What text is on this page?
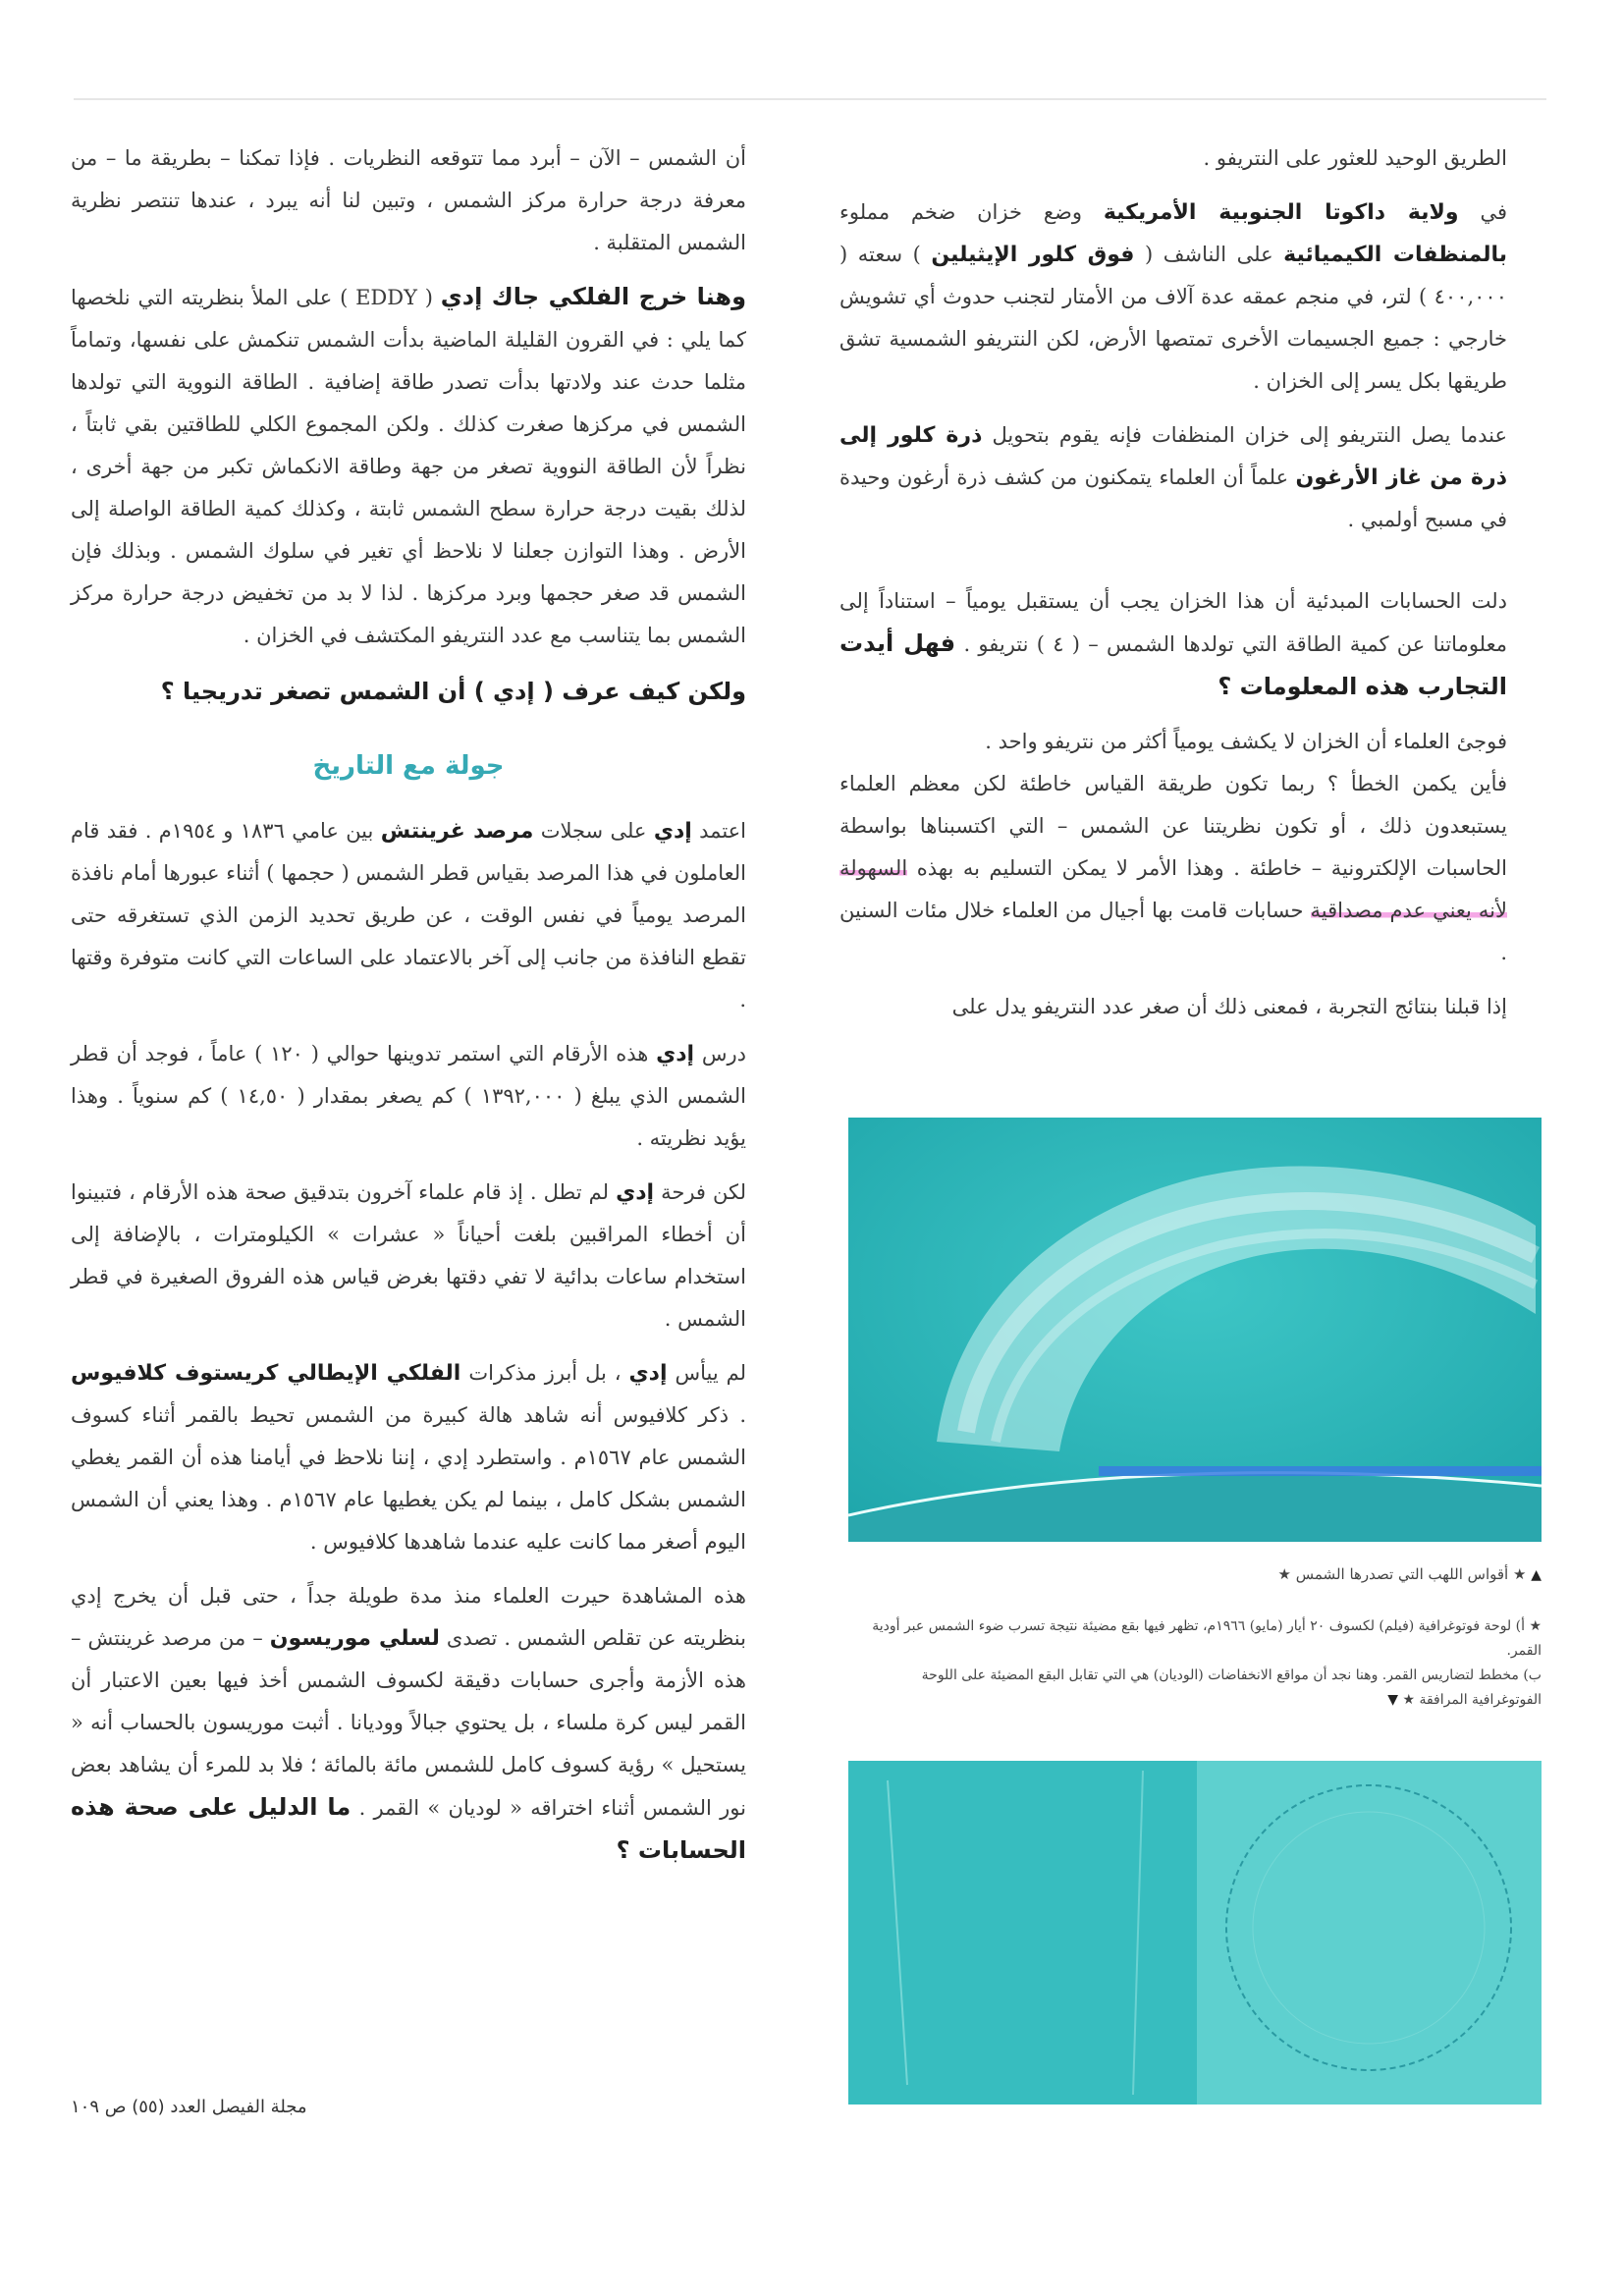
الطريق الوحيد للعثور على النتريفو .

في ولاية داكوتا الجنوبية الأمريكية وضع خزان ضخم مملوء بالمنظفات الكيميائية على الناشف ( فوق كلور الإيثيلين ) سعته ( ٤٠٠,٠٠٠ ) لتر، في منجم عمقه عدة آلاف من الأمتار لتجنب حدوث أي تشويش خارجي : جميع الجسيمات الأخرى تمتصها الأرض، لكن النتريفو الشمسية تشق طريقها بكل يسر إلى الخزان .

عندما يصل النتريفو إلى خزان المنظفات فإنه يقوم بتحويل ذرة كلور إلى ذرة من غاز الأرغون علماً أن العلماء يتمكنون من كشف ذرة أرغون وحيدة في مسبح أولمبي .

دلت الحسابات المبدئية أن هذا الخزان يجب أن يستقبل يومياً – استناداً إلى معلوماتنا عن كمية الطاقة التي تولدها الشمس – ( ٤ ) نتريفو . فهل أيدت التجارب هذه المعلومات ؟

فوجئ العلماء أن الخزان لا يكشف يومياً أكثر من نتريفو واحد .

فأين يكمن الخطأ ؟ ربما تكون طريقة القياس خاطئة لكن معظم العلماء يستبعدون ذلك ، أو تكون نظريتنا عن الشمس – التي اكتسبناها بواسطة الحاسبات الإلكترونية – خاطئة . وهذا الأمر لا يمكن التسليم به بهذه السهولة لأنه يعني عدم مصداقية حسابات قامت بها أجيال من العلماء خلال مئات السنين .

إذا قبلنا بنتائج التجربة ، فمعنى ذلك أن صغر عدد النتريفو يدل على

▲ ★ أقواس اللهب التي تصدرها الشمس ★
★ أ) لوحة فوتوغرافية (فيلم) لكسوف ٢٠ أيار (مايو) ١٩٦٦م، تظهر فيها بقع مضيئة نتيجة تسرب ضوء الشمس عبر أودية القمر.
ب) مخطط لتضاريس القمر. وهنا نجد أن مواقع الانخفاضات (الوديان) هي التي تقابل البقع المضيئة على اللوحة الفوتوغرافية المرافقة ★ ▼

أن الشمس – الآن – أبرد مما تتوقعه النظريات . فإذا تمكنا – بطريقة ما – من معرفة درجة حرارة مركز الشمس ، وتبين لنا أنه يبرد ، عندها تنتصر نظرية الشمس المتقلبة .

وهنا خرج الفلكي جاك إدي ( EDDY ) على الملأ بنظريته التي نلخصها كما يلي : في القرون القليلة الماضية بدأت الشمس تنكمش على نفسها، وتماماً مثلما حدث عند ولادتها بدأت تصدر طاقة إضافية . الطاقة النووية التي تولدها الشمس في مركزها صغرت كذلك . ولكن المجموع الكلي للطاقتين بقي ثابتاً ، نظراً لأن الطاقة النووية تصغر من جهة وطاقة الانكماش تكبر من جهة أخرى ، لذلك بقيت درجة حرارة سطح الشمس ثابتة ، وكذلك كمية الطاقة الواصلة إلى الأرض . وهذا التوازن جعلنا لا نلاحظ أي تغير في سلوك الشمس . وبذلك فإن الشمس قد صغر حجمها وبرد مركزها . لذا لا بد من تخفيض درجة حرارة مركز الشمس بما يتناسب مع عدد النتريفو المكتشف في الخزان .

ولكن كيف عرف ( إدي ) أن الشمس تصغر تدريجيا ؟
جولة مع التاريخ

اعتمد إدي على سجلات مرصد غرينتش بين عامي ١٨٣٦ و ١٩٥٤م . فقد قام العاملون في هذا المرصد بقياس قطر الشمس ( حجمها ) أثناء عبورها أمام نافذة المرصد يومياً في نفس الوقت ، عن طريق تحديد الزمن الذي تستغرقه حتى تقطع النافذة من جانب إلى آخر بالاعتماد على الساعات التي كانت متوفرة وقتها .

درس إدي هذه الأرقام التي استمر تدوينها حوالي ( ١٢٠ ) عاماً ، فوجد أن قطر الشمس الذي يبلغ ( ١٣٩٢,٠٠٠ ) كم يصغر بمقدار ( ١٤,٥٠ ) كم سنوياً . وهذا يؤيد نظريته .

لكن فرحة إدي لم تطل . إذ قام علماء آخرون بتدقيق صحة هذه الأرقام ، فتبينوا أن أخطاء المراقبين بلغت أحياناً « عشرات » الكيلومترات ، بالإضافة إلى استخدام ساعات بدائية لا تفي دقتها بغرض قياس هذه الفروق الصغيرة في قطر الشمس .

لم ييأس إدي ، بل أبرز مذكرات الفلكي الإيطالي كريستوف كلافيوس . ذكر كلافيوس أنه شاهد هالة كبيرة من الشمس تحيط بالقمر أثناء كسوف الشمس عام ١٥٦٧م . واستطرد إدي ، إننا نلاحظ في أيامنا هذه أن القمر يغطي الشمس بشكل كامل ، بينما لم يكن يغطيها عام ١٥٦٧م . وهذا يعني أن الشمس اليوم أصغر مما كانت عليه عندما شاهدها كلافيوس .

هذه المشاهدة حيرت العلماء منذ مدة طويلة جداً ، حتى قبل أن يخرج إدي بنظريته عن تقلص الشمس . تصدى لسلي موريسون – من مرصد غرينتش – هذه الأزمة وأجرى حسابات دقيقة لكسوف الشمس أخذ فيها بعين الاعتبار أن القمر ليس كرة ملساء ، بل يحتوي جبالاً ووديانا . أثبت موريسون بالحساب أنه « يستحيل » رؤية كسوف كامل للشمس مائة بالمائة ؛ فلا بد للمرء أن يشاهد بعض نور الشمس أثناء اختراقه « لوديان » القمر . ما الدليل على صحة هذه الحسابات ؟

مجلة الفيصل العدد (٥٥) ص ١٠٩
